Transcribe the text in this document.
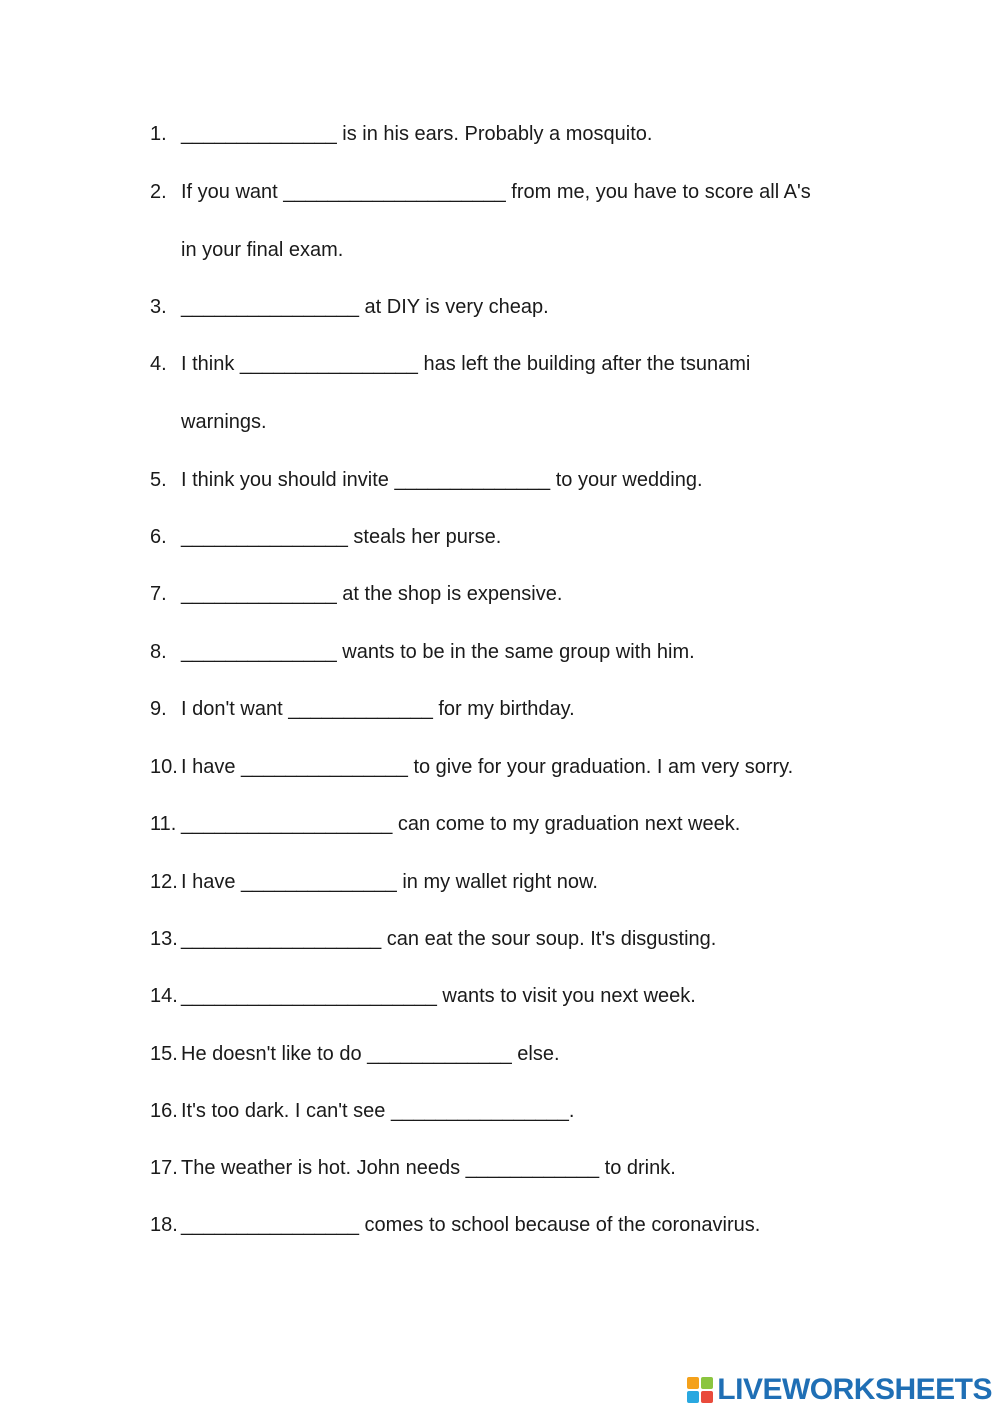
1. ______________ is in his ears. Probably a mosquito.
2. If you want ____________________ from me, you have to score all A's
in your final exam.
3. ________________ at DIY is very cheap.
4. I think ________________ has left the building after the tsunami
warnings.
5. I think you should invite ______________ to your wedding.
6. _______________ steals her purse.
7. ______________ at the shop is expensive.
8. ______________ wants to be in the same group with him.
9. I don't want _____________ for my birthday.
10. I have _______________ to give for your graduation. I am very sorry.
11. ___________________ can come to my graduation next week.
12. I have ______________ in my wallet right now.
13. __________________ can eat the sour soup. It's disgusting.
14. _______________________ wants to visit you next week.
15. He doesn't like to do _____________ else.
16. It's too dark. I can't see ________________.
17. The weather is hot. John needs ____________ to drink.
18. ________________ comes to school because of the coronavirus.
LIVEWORKSHEETS
